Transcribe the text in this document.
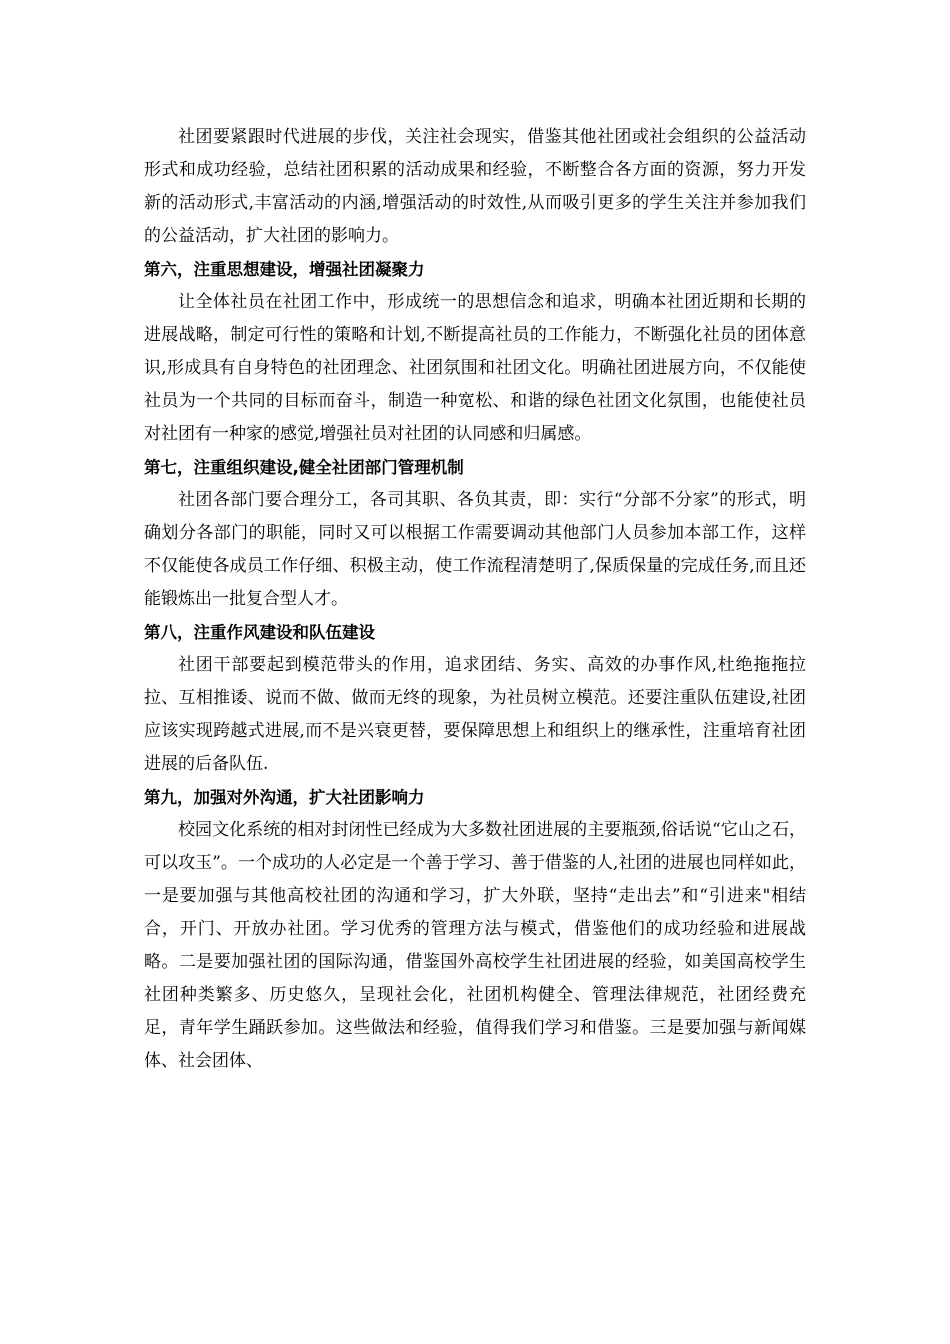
社团要紧跟时代进展的步伐，关注社会现实，借鉴其他社团或社会组织的公益活动形式和成功经验，总结社团积累的活动成果和经验，不断整合各方面的资源，努力开发新的活动形式,丰富活动的内涵,增强活动的时效性,从而吸引更多的学生关注并参加我们的公益活动，扩大社团的影响力。

第六，注重思想建设，增强社团凝聚力

让全体社员在社团工作中，形成统一的思想信念和追求，明确本社团近期和长期的进展战略，制定可行性的策略和计划,不断提高社员的工作能力，不断强化社员的团体意识,形成具有自身特色的社团理念、社团氛围和社团文化。明确社团进展方向，不仅能使社员为一个共同的目标而奋斗，制造一种宽松、和谐的绿色社团文化氛围，也能使社员对社团有一种家的感觉,增强社员对社团的认同感和归属感。

第七，注重组织建设,健全社团部门管理机制

社团各部门要合理分工，各司其职、各负其责，即：实行“分部不分家”的形式，明确划分各部门的职能，同时又可以根据工作需要调动其他部门人员参加本部工作，这样不仅能使各成员工作仔细、积极主动，使工作流程清楚明了,保质保量的完成任务,而且还能锻炼出一批复合型人才。

第八，注重作风建设和队伍建设

社团干部要起到模范带头的作用，追求团结、务实、高效的办事作风,杜绝拖拖拉拉、互相推诿、说而不做、做而无终的现象，为社员树立模范。还要注重队伍建设,社团应该实现跨越式进展,而不是兴衰更替，要保障思想上和组织上的继承性，注重培育社团进展的后备队伍.

第九，加强对外沟通，扩大社团影响力

校园文化系统的相对封闭性已经成为大多数社团进展的主要瓶颈,俗话说“它山之石，可以攻玉”。一个成功的人必定是一个善于学习、善于借鉴的人,社团的进展也同样如此，一是要加强与其他高校社团的沟通和学习，扩大外联，坚持“走出去”和“引进来"相结合，开门、开放办社团。学习优秀的管理方法与模式，借鉴他们的成功经验和进展战略。二是要加强社团的国际沟通，借鉴国外高校学生社团进展的经验，如美国高校学生社团种类繁多、历史悠久，呈现社会化，社团机构健全、管理法律规范，社团经费充足，青年学生踊跃参加。这些做法和经验，值得我们学习和借鉴。三是要加强与新闻媒体、社会团体、
